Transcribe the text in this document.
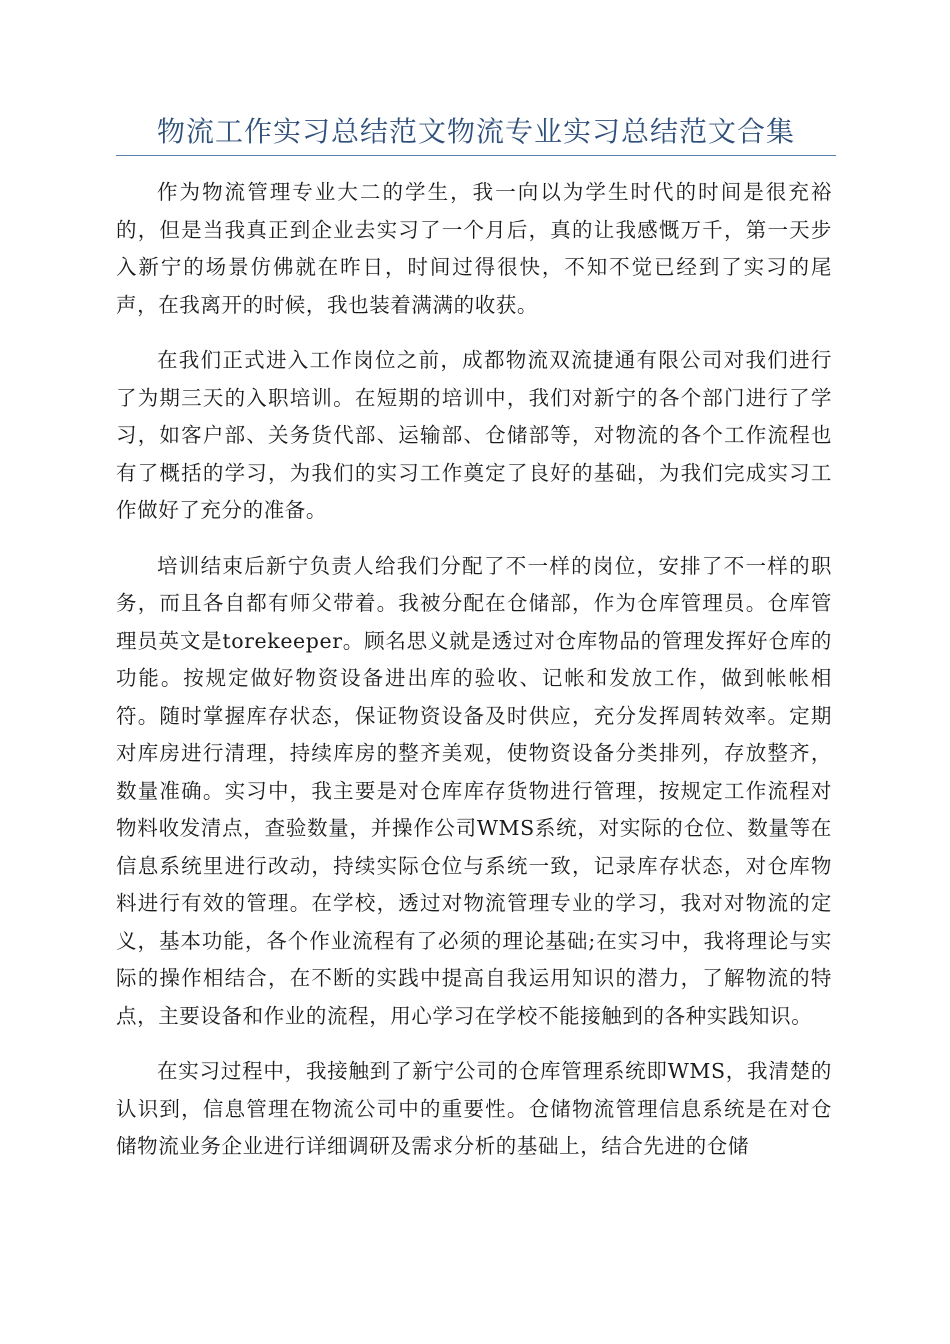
物流工作实习总结范文物流专业实习总结范文合集

作为物流管理专业大二的学生，我一向以为学生时代的时间是很充裕的，但是当我真正到企业去实习了一个月后，真的让我感慨万千，第一天步入新宁的场景仿佛就在昨日，时间过得很快，不知不觉已经到了实习的尾声，在我离开的时候，我也装着满满的收获。

在我们正式进入工作岗位之前，成都物流双流捷通有限公司对我们进行了为期三天的入职培训。在短期的培训中，我们对新宁的各个部门进行了学习，如客户部、关务货代部、运输部、仓储部等，对物流的各个工作流程也有了概括的学习，为我们的实习工作奠定了良好的基础，为我们完成实习工作做好了充分的准备。

培训结束后新宁负责人给我们分配了不一样的岗位，安排了不一样的职务，而且各自都有师父带着。我被分配在仓储部，作为仓库管理员。仓库管理员英文是torekeeper。顾名思义就是透过对仓库物品的管理发挥好仓库的功能。按规定做好物资设备进出库的验收、记帐和发放工作，做到帐帐相符。随时掌握库存状态，保证物资设备及时供应，充分发挥周转效率。定期对库房进行清理，持续库房的整齐美观，使物资设备分类排列，存放整齐，数量准确。实习中，我主要是对仓库库存货物进行管理，按规定工作流程对物料收发清点，查验数量，并操作公司WMS系统，对实际的仓位、数量等在信息系统里进行改动，持续实际仓位与系统一致，记录库存状态，对仓库物料进行有效的管理。在学校，透过对物流管理专业的学习，我对对物流的定义，基本功能，各个作业流程有了必须的理论基础;在实习中，我将理论与实际的操作相结合，在不断的实践中提高自我运用知识的潜力，了解物流的特点，主要设备和作业的流程，用心学习在学校不能接触到的各种实践知识。

在实习过程中，我接触到了新宁公司的仓库管理系统即WMS，我清楚的认识到，信息管理在物流公司中的重要性。仓储物流管理信息系统是在对仓储物流业务企业进行详细调研及需求分析的基础上，结合先进的仓储
